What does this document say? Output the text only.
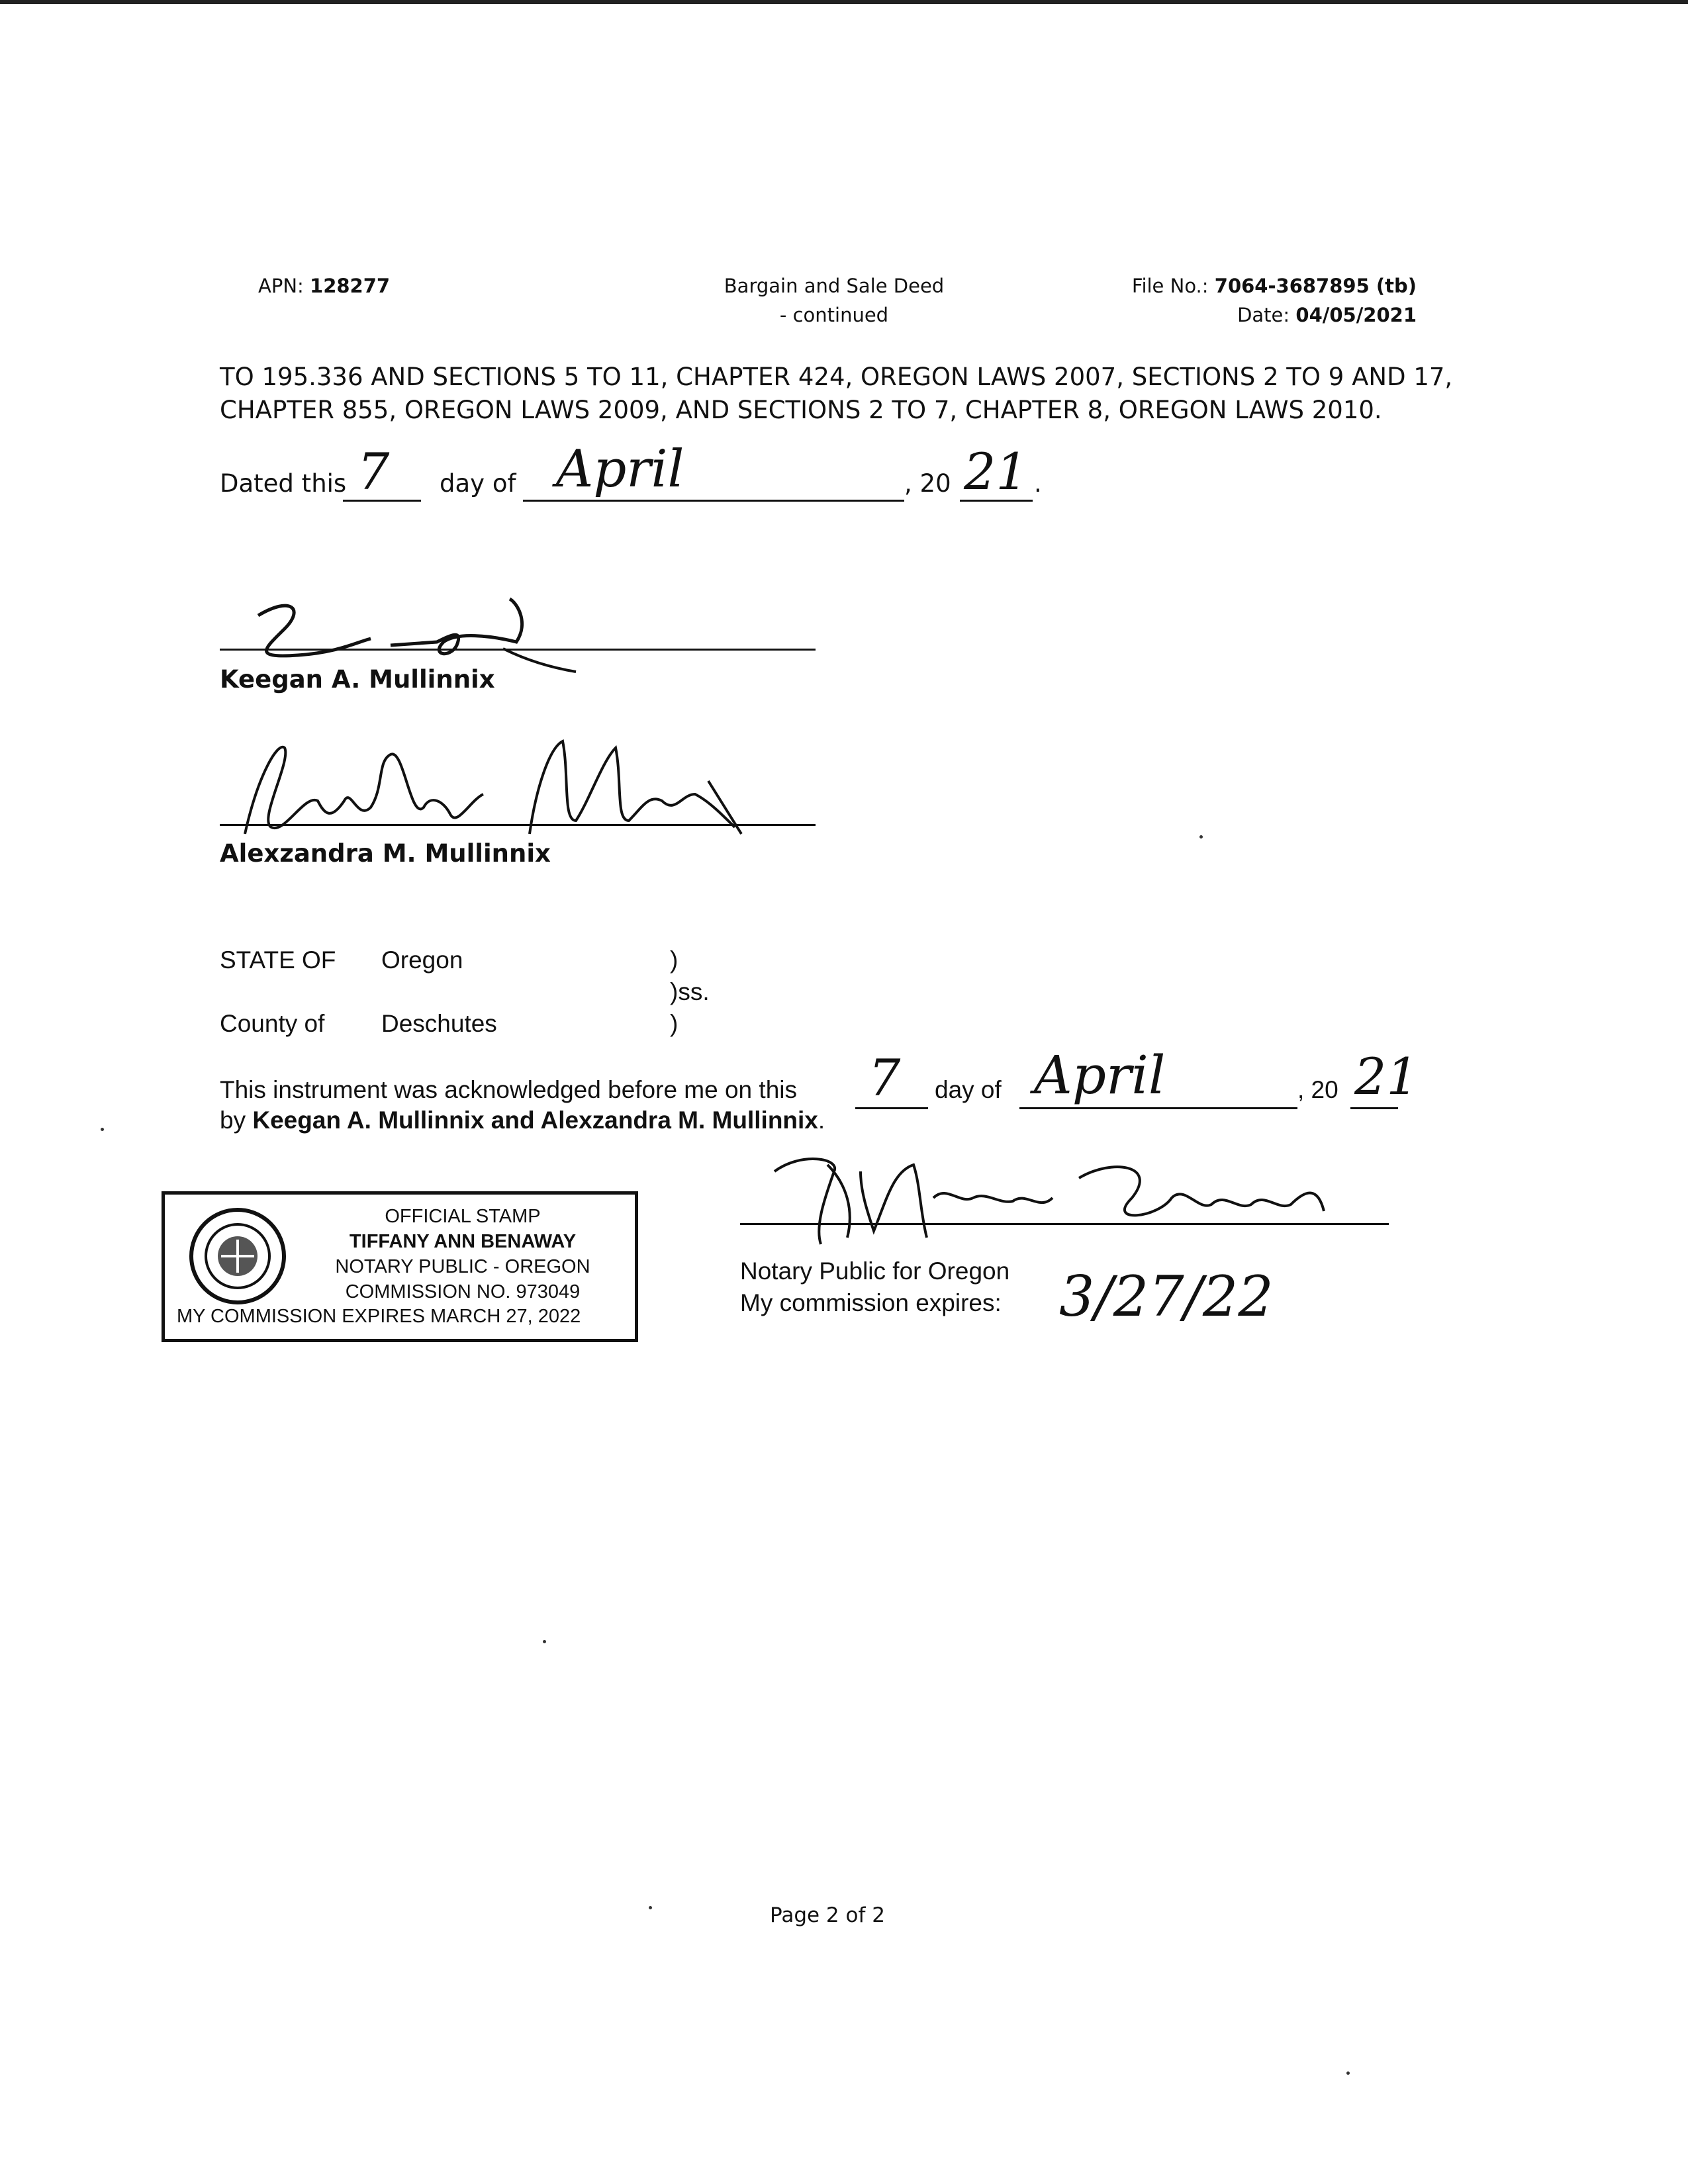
APN: 128277	Bargain and Sale Deed
- continued
File No.: 7064-3687895 (tb)
Date: 04/05/2021
TO 195.336 AND SECTIONS 5 TO 11, CHAPTER 424, OREGON LAWS 2007, SECTIONS 2 TO 9 AND 17, CHAPTER 855, OREGON LAWS 2009, AND SECTIONS 2 TO 7, CHAPTER 8, OREGON LAWS 2010.
Dated this 7 day of April	, 20 21 .
Keegan A. Mullinnix
Alexzandra M. Mullinnix
STATE OF Oregon	)
)ss.
County of Deschutes	)
This instrument was acknowledged before me on this 7 day of April	, 20 21
by Keegan A. Mullinnix and Alexzandra M. Mullinnix.
OFFICIAL STAMP
TIFFANY ANN BENAWAY
NOTARY PUBLIC - OREGON
COMMISSION NO. 973049
MY COMMISSION EXPIRES MARCH 27, 2022
Notary Public for Oregon
My commission expires: 3/27/22
Page 2 of 2
